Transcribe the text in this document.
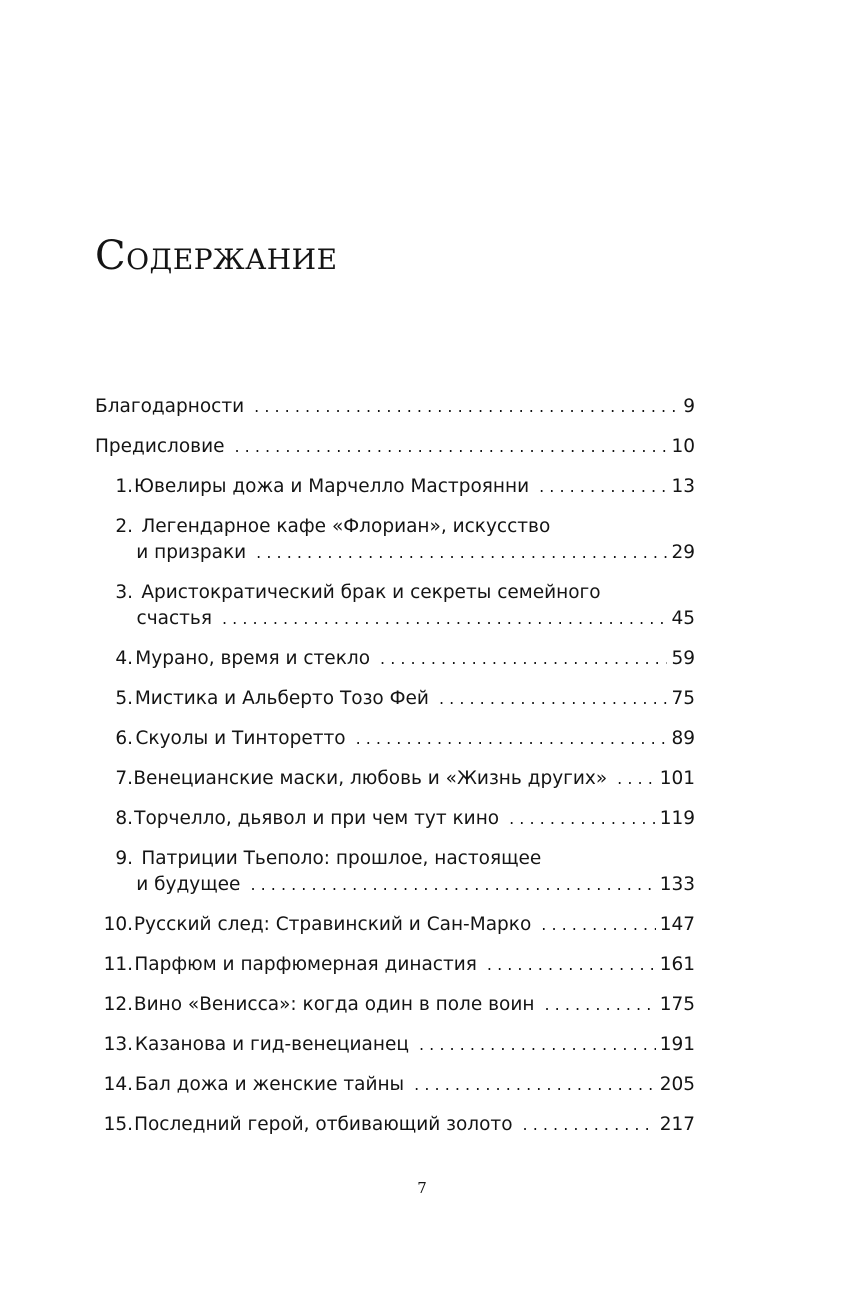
Содержание
Благодарности . . .	9
Предисловие . . .	10
1. Ювелиры дожа и Марчелло Мастроянни . . .	13
2. Легендарное кафе «Флориан», искусство
и призраки . . .	29
3. Аристократический брак и секреты семейного
счастья . . .	45
4. Мурано, время и стекло . . .	59
5. Мистика и Альберто Тозо Фей . . .	75
6. Скуолы и Тинторетто . . .	89
7. Венецианские маски, любовь и «Жизнь других» . . .	101
8. Торчелло, дьявол и при чем тут кино . . .	119
9. Патриции Тьеполо: прошлое, настоящее
и будущее . . .	133
10. Русский след: Стравинский и Сан-Марко . . .	147
11. Парфюм и парфюмерная династия . . .	161
12. Вино «Венисса»: когда один в поле воин . . .	175
13. Казанова и гид-венецианец . . .	191
14. Бал дожа и женские тайны . . .	205
15. Последний герой, отбивающий золото . . .	217
7
